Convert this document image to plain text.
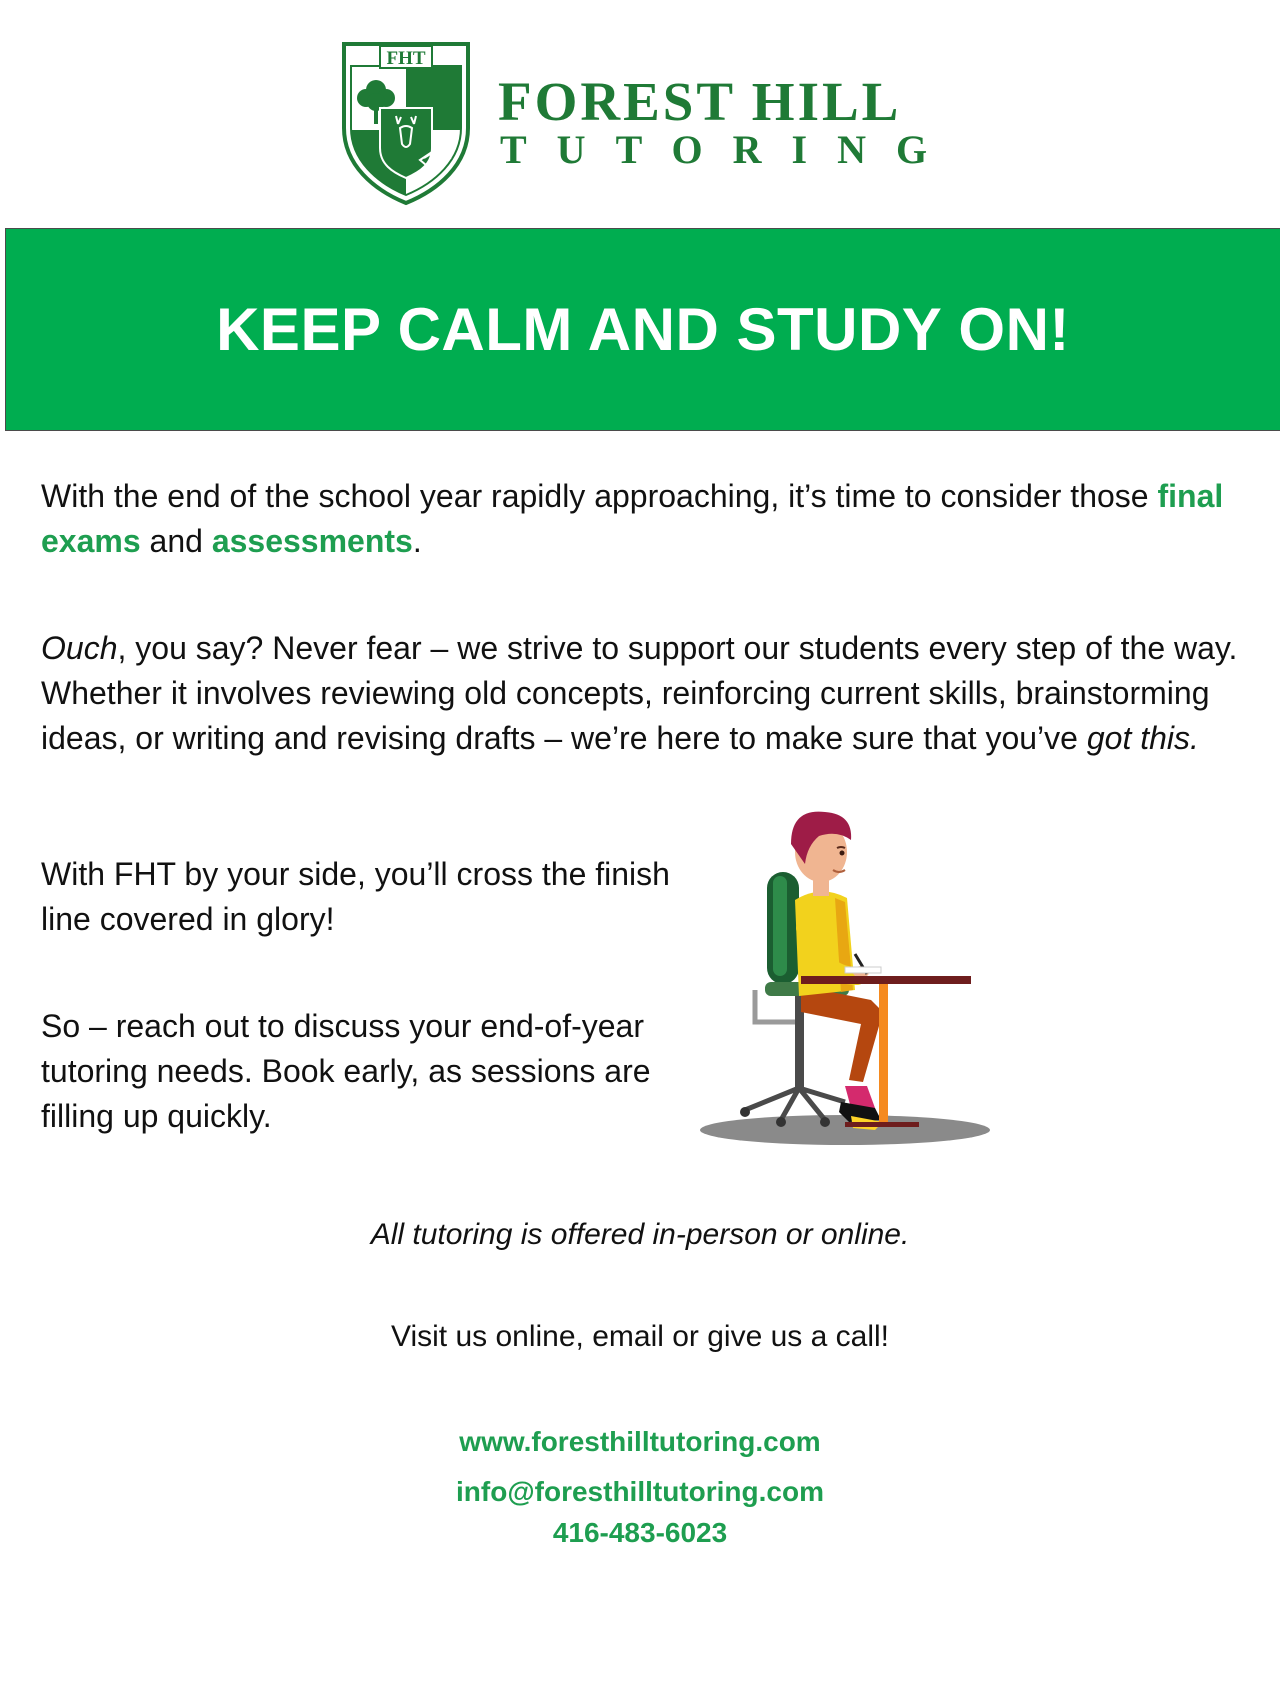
FHT
FOREST HILL
TUTORING
KEEP CALM AND STUDY ON!

With the end of the school year rapidly approaching, it’s time to consider those final exams and assessments.

Ouch, you say? Never fear – we strive to support our students every step of the way. Whether it involves reviewing old concepts, reinforcing current skills, brainstorming ideas, or writing and revising drafts – we’re here to make sure that you’ve got this.

With FHT by your side, you’ll cross the finish line covered in glory!

So – reach out to discuss your end-of-year tutoring needs. Book early, as sessions are filling up quickly.

All tutoring is offered in-person or online.

Visit us online, email or give us a call!

www.foresthilltutoring.com

info@foresthilltutoring.com

416-483-6023
